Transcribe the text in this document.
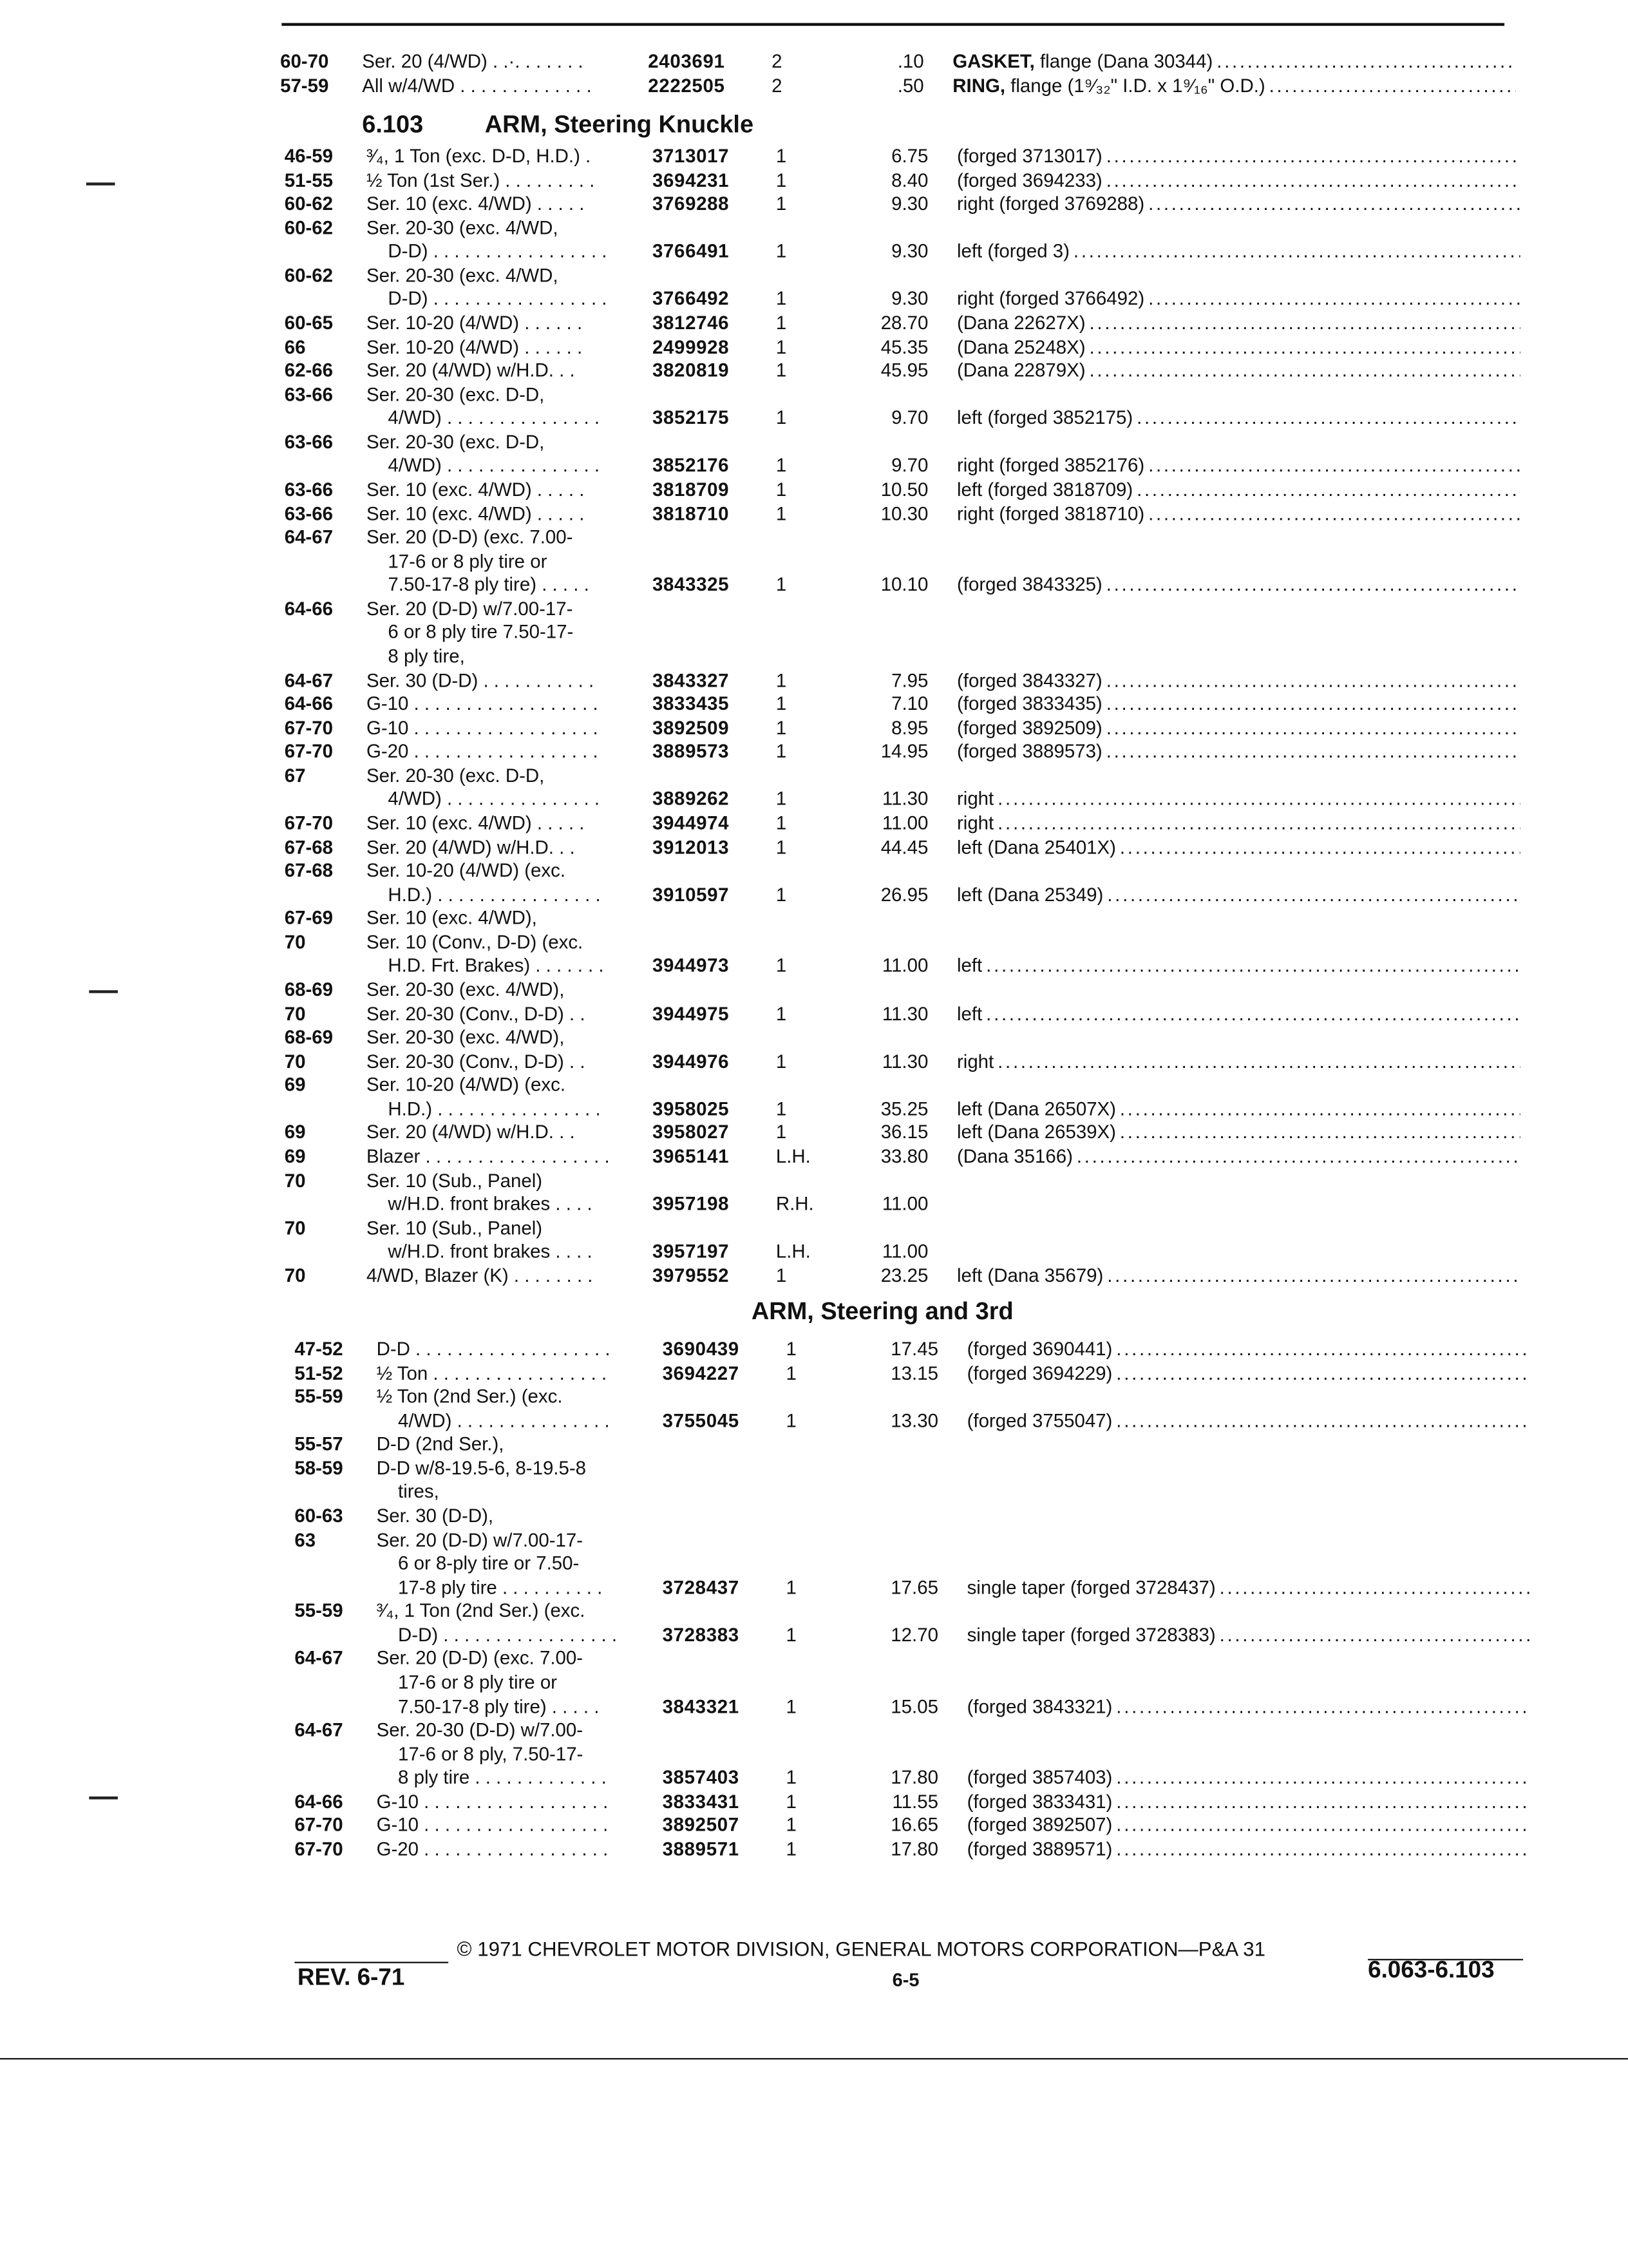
60-70	Ser. 20 (4/WD) . .·. . . . . . .	2403691	2	.10	GASKET, flange (Dana 30344) . . .
57-59	All w/4/WD . . . . . . . . . . . . .	2222505	2	.50	RING, flange (1⁹⁄₃₂" I.D. x 1⁹⁄₁₆" O.D.) . . .
6.103	ARM, Steering Knuckle
46-59	³⁄₄, 1 Ton (exc. D-D, H.D.) .	3713017	1	6.75	(forged 3713017) . . .
51-55	½ Ton (1st Ser.) . . . . . . . . .	3694231	1	8.40	(forged 3694233) . . .
60-62	Ser. 10 (exc. 4/WD) . . . . .	3769288	1	9.30	right (forged 3769288) . . .
60-62	Ser. 20-30 (exc. 4/WD,
D-D) . . . . . . . . . . . . . . . . .	3766491	1	9.30	left (forged 3) . . .
60-62	Ser. 20-30 (exc. 4/WD,
D-D) . . . . . . . . . . . . . . . . .	3766492	1	9.30	right (forged 3766492) . . .
60-65	Ser. 10-20 (4/WD) . . . . . .	3812746	1	28.70	(Dana 22627X) . . .
66	Ser. 10-20 (4/WD) . . . . . .	2499928	1	45.35	(Dana 25248X) . . .
62-66	Ser. 20 (4/WD) w/H.D. . .	3820819	1	45.95	(Dana 22879X) . . .
63-66	Ser. 20-30 (exc. D-D,
4/WD) . . . . . . . . . . . . . . .	3852175	1	9.70	left (forged 3852175) . . .
63-66	Ser. 20-30 (exc. D-D,
4/WD) . . . . . . . . . . . . . . .	3852176	1	9.70	right (forged 3852176) . . .
63-66	Ser. 10 (exc. 4/WD) . . . . .	3818709	1	10.50	left (forged 3818709) . . .
63-66	Ser. 10 (exc. 4/WD) . . . . .	3818710	1	10.30	right (forged 3818710) . . .
64-67	Ser. 20 (D-D) (exc. 7.00-
17-6 or 8 ply tire or
7.50-17-8 ply tire) . . . . .	3843325	1	10.10	(forged 3843325) . . .
64-66	Ser. 20 (D-D) w/7.00-17-
6 or 8 ply tire 7.50-17-
8 ply tire,
64-67	Ser. 30 (D-D) . . . . . . . . . . .	3843327	1	7.95	(forged 3843327) . . .
64-66	G-10 . . . . . . . . . . . . . . . . . .	3833435	1	7.10	(forged 3833435) . . .
67-70	G-10 . . . . . . . . . . . . . . . . . .	3892509	1	8.95	(forged 3892509) . . .
67-70	G-20 . . . . . . . . . . . . . . . . . .	3889573	1	14.95	(forged 3889573) . . .
67	Ser. 20-30 (exc. D-D,
4/WD) . . . . . . . . . . . . . . .	3889262	1	11.30	right . . .
67-70	Ser. 10 (exc. 4/WD) . . . . .	3944974	1	11.00	right . . .
67-68	Ser. 20 (4/WD) w/H.D. . .	3912013	1	44.45	left (Dana 25401X) . . .
67-68	Ser. 10-20 (4/WD) (exc.
H.D.) . . . . . . . . . . . . . . . .	3910597	1	26.95	left (Dana 25349) . . .
67-69	Ser. 10 (exc. 4/WD),
70	Ser. 10 (Conv., D-D) (exc.
H.D. Frt. Brakes) . . . . . . .	3944973	1	11.00	left . . .
68-69	Ser. 20-30 (exc. 4/WD),
70	Ser. 20-30 (Conv., D-D) . .	3944975	1	11.30	left . . .
68-69	Ser. 20-30 (exc. 4/WD),
70	Ser. 20-30 (Conv., D-D) . .	3944976	1	11.30	right . . .
69	Ser. 10-20 (4/WD) (exc.
H.D.) . . . . . . . . . . . . . . . .	3958025	1	35.25	left (Dana 26507X) . . .
69	Ser. 20 (4/WD) w/H.D. . .	3958027	1	36.15	left (Dana 26539X) . . .
69	Blazer . . . . . . . . . . . . . . . . . .	3965141	L.H.	33.80	(Dana 35166) . . .
70	Ser. 10 (Sub., Panel)
w/H.D. front brakes . . . .	3957198	R.H.	11.00
70	Ser. 10 (Sub., Panel)
w/H.D. front brakes . . . .	3957197	L.H.	11.00
70	4/WD, Blazer (K) . . . . . . . .	3979552	1	23.25	left (Dana 35679) . . .
ARM, Steering and 3rd
47-52	D-D . . . . . . . . . . . . . . . . . . .	3690439	1	17.45	(forged 3690441) . . .
51-52	½ Ton . . . . . . . . . . . . . . . . .	3694227	1	13.15	(forged 3694229) . . .
55-59	½ Ton (2nd Ser.) (exc.
4/WD) . . . . . . . . . . . . . . .	3755045	1	13.30	(forged 3755047) . . .
55-57	D-D (2nd Ser.),
58-59	D-D w/8-19.5-6, 8-19.5-8
tires,
60-63	Ser. 30 (D-D),
63	Ser. 20 (D-D) w/7.00-17-
6 or 8-ply tire or 7.50-
17-8 ply tire . . . . . . . . . .	3728437	1	17.65	single taper (forged 3728437) . . .
55-59	³⁄₄, 1 Ton (2nd Ser.) (exc.
D-D) . . . . . . . . . . . . . . . . .	3728383	1	12.70	single taper (forged 3728383) . . .
64-67	Ser. 20 (D-D) (exc. 7.00-
17-6 or 8 ply tire or
7.50-17-8 ply tire) . . . . .	3843321	1	15.05	(forged 3843321) . . .
64-67	Ser. 20-30 (D-D) w/7.00-
17-6 or 8 ply, 7.50-17-
8 ply tire . . . . . . . . . . . . .	3857403	1	17.80	(forged 3857403) . . .
64-66	G-10 . . . . . . . . . . . . . . . . . .	3833431	1	11.55	(forged 3833431) . . .
67-70	G-10 . . . . . . . . . . . . . . . . . .	3892507	1	16.65	(forged 3892507) . . .
67-70	G-20 . . . . . . . . . . . . . . . . . .	3889571	1	17.80	(forged 3889571) . . .
© 1971 CHEVROLET MOTOR DIVISION, GENERAL MOTORS CORPORATION—P&A 31
REV. 6-71	6-5	6.063-6.103
